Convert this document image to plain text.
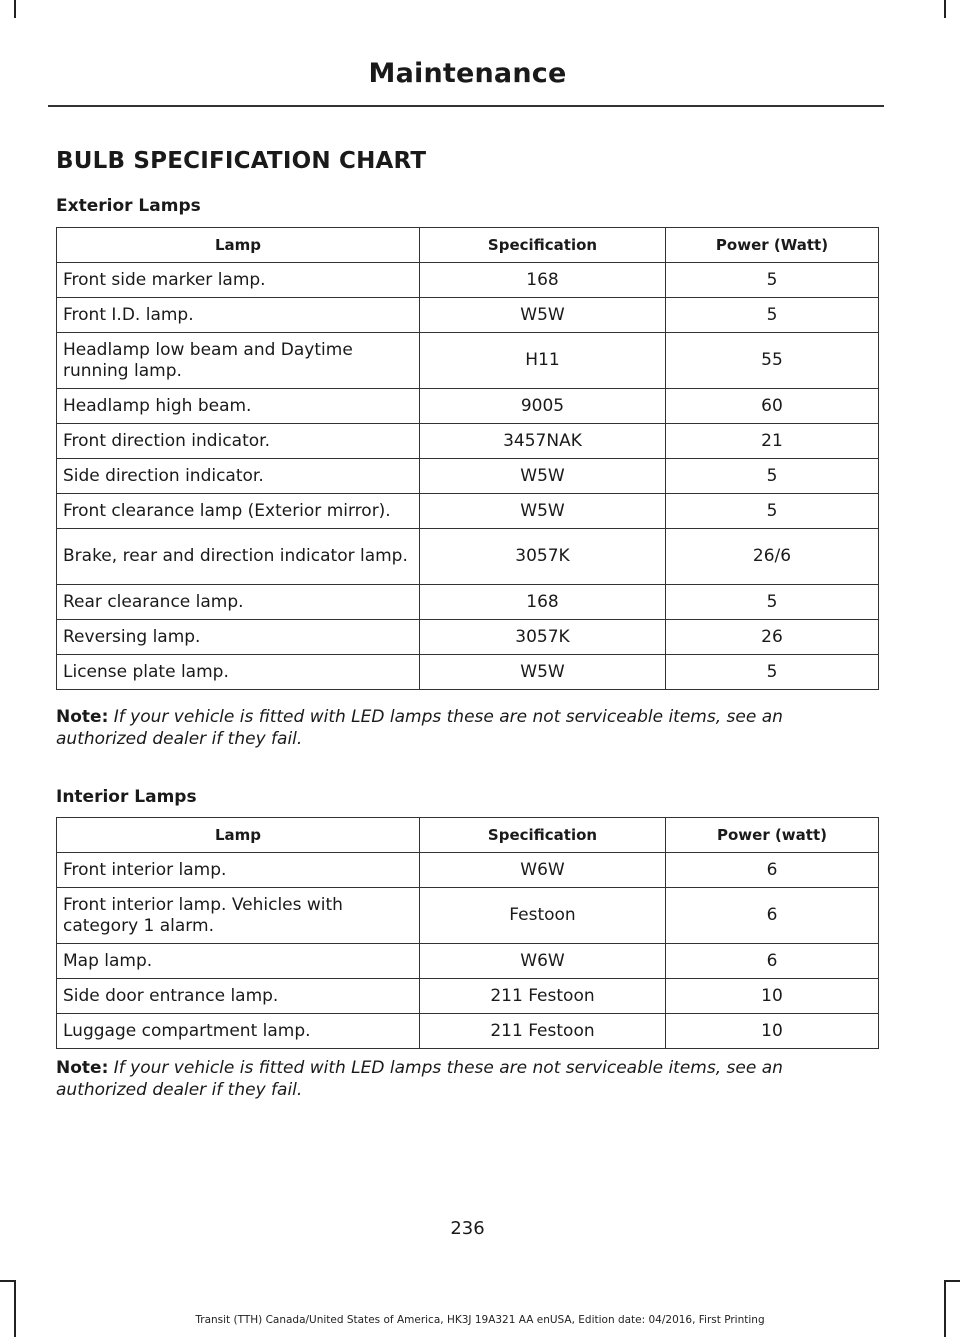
Maintenance
BULB SPECIFICATION CHART
Exterior Lamps
Lamp	Specification	Power (Watt)
Front side marker lamp.	168	5
Front I.D. lamp.	W5W	5
Headlamp low beam and Daytime running lamp.	H11	55
Headlamp high beam.	9005	60
Front direction indicator.	3457NAK	21
Side direction indicator.	W5W	5
Front clearance lamp (Exterior mirror).	W5W	5
Brake, rear and direction indicator lamp.	3057K	26/6
Rear clearance lamp.	168	5
Reversing lamp.	3057K	26
License plate lamp.	W5W	5
Note: If your vehicle is fitted with LED lamps these are not serviceable items, see an authorized dealer if they fail.
Interior Lamps
Lamp	Specification	Power (watt)
Front interior lamp.	W6W	6
Front interior lamp. Vehicles with category 1 alarm.	Festoon	6
Map lamp.	W6W	6
Side door entrance lamp.	211 Festoon	10
Luggage compartment lamp.	211 Festoon	10
Note: If your vehicle is fitted with LED lamps these are not serviceable items, see an authorized dealer if they fail.
236
Transit (TTH) Canada/United States of America, HK3J 19A321 AA enUSA, Edition date: 04/2016, First Printing
